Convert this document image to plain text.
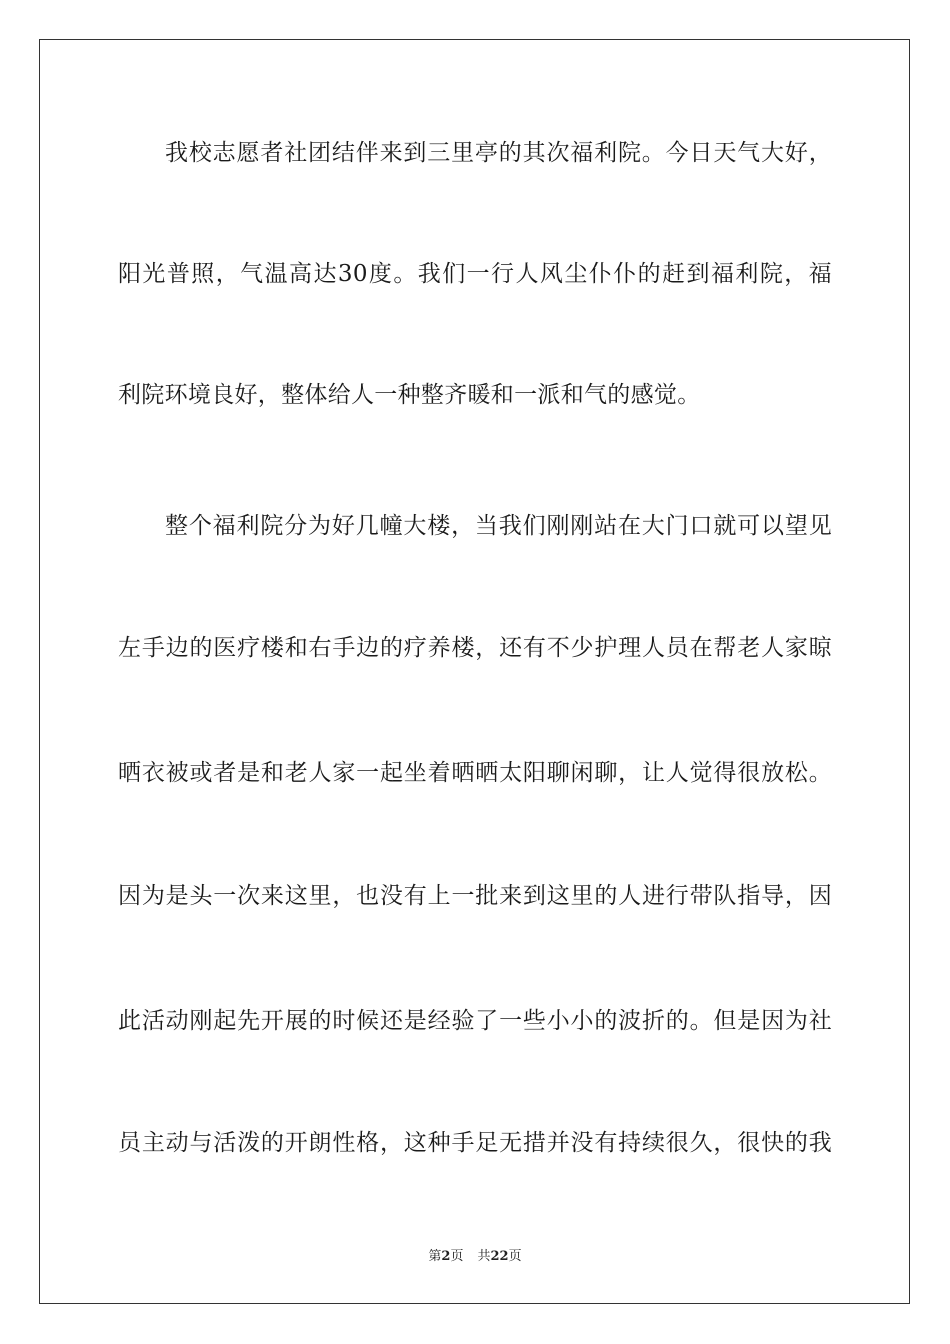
我校志愿者社团结伴来到三里亭的其次福利院。今日天气大好，
阳光普照，气温高达30度。我们一行人风尘仆仆的赶到福利院，福
利院环境良好，整体给人一种整齐暖和一派和气的感觉。
整个福利院分为好几幢大楼，当我们刚刚站在大门口就可以望见
左手边的医疗楼和右手边的疗养楼，还有不少护理人员在帮老人家晾
晒衣被或者是和老人家一起坐着晒晒太阳聊闲聊，让人觉得很放松。
因为是头一次来这里，也没有上一批来到这里的人进行带队指导，因
此活动刚起先开展的时候还是经验了一些小小的波折的。但是因为社
员主动与活泼的开朗性格，这种手足无措并没有持续很久，很快的我
第2页 共22页
